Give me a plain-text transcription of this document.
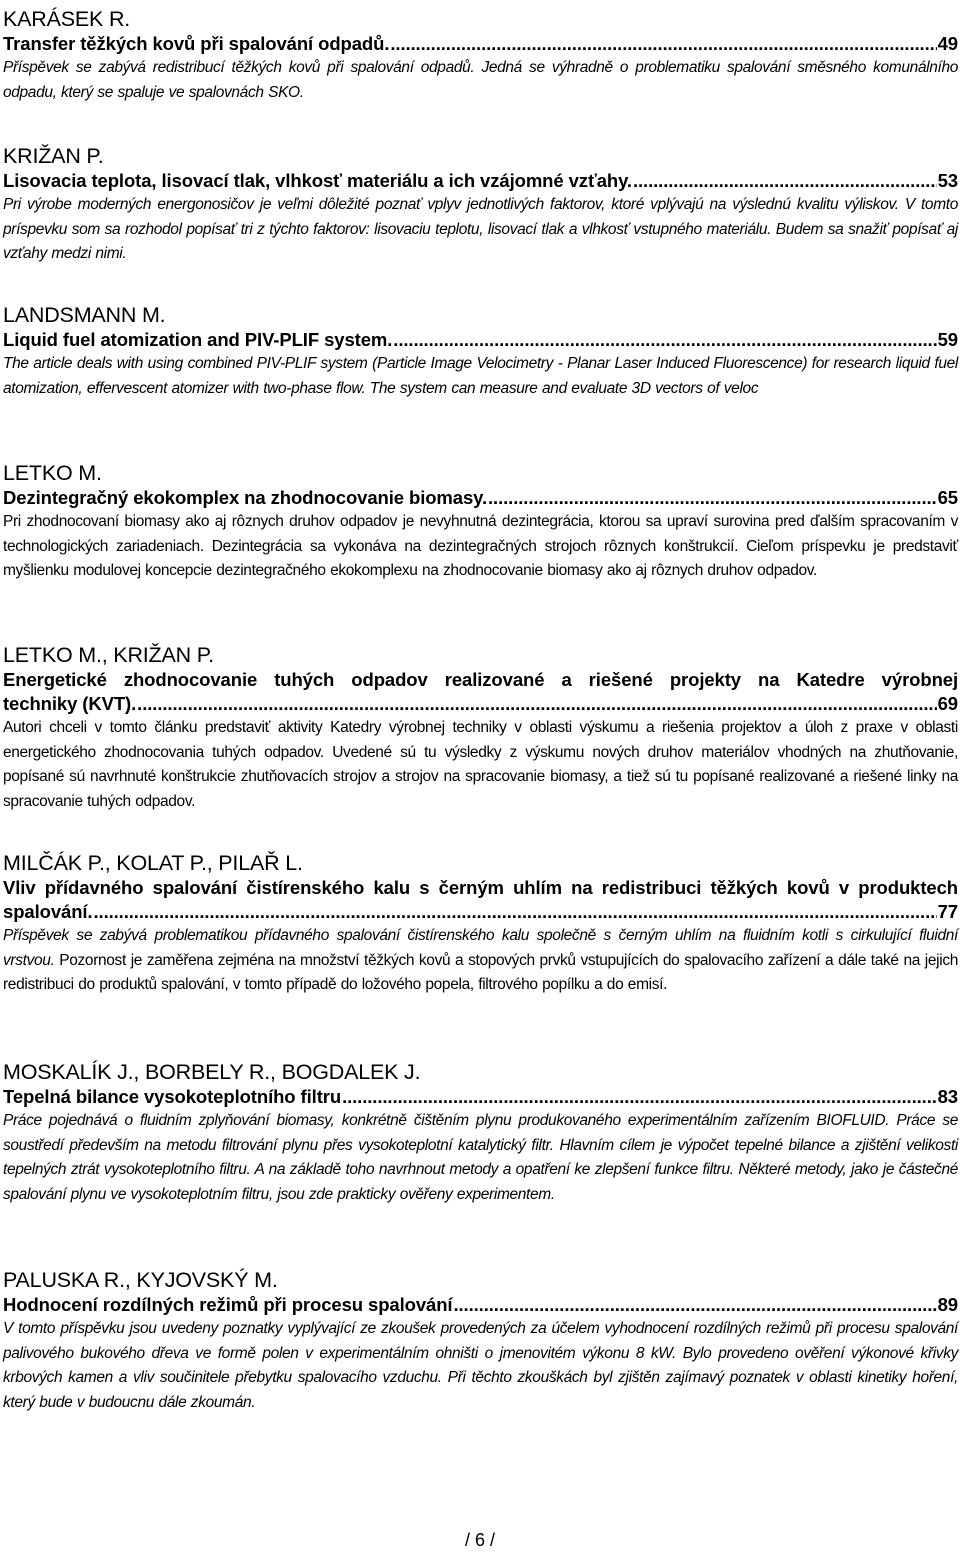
KARÁSEK R.

Transfer těžkých kovů při spalování odpadů. .....	49

Příspěvek se zabývá redistribucí těžkých kovů při spalování odpadů. Jedná se výhradně o problematiku spalování směsného komunálního odpadu, který se spaluje ve spalovnách SKO.

KRIŽAN P.

Lisovacia teplota, lisovací tlak, vlhkosť materiálu a ich vzájomné vzťahy. .....	53

Pri výrobe moderných energonosičov je veľmi dôležité poznať vplyv jednotlivých faktorov, ktoré vplývajú na výslednú kvalitu výliskov. V tomto príspevku som sa rozhodol popísať tri z týchto faktorov: lisovaciu teplotu, lisovací tlak a vlhkosť vstupného materiálu. Budem sa snažiť popísať aj vzťahy medzi nimi.

LANDSMANN M.

Liquid fuel atomization and PIV-PLIF system. .....	59

The article deals with using combined PIV-PLIF system (Particle Image Velocimetry - Planar Laser Induced Fluorescence) for research liquid fuel atomization, effervescent atomizer with two-phase flow. The system can measure and evaluate 3D vectors of veloc

LETKO M.

Dezintegračný ekokomplex na zhodnocovanie biomasy. .....	65

Pri zhodnocovaní biomasy ako aj rôznych druhov odpadov je nevyhnutná dezintegrácia, ktorou sa upraví surovina pred ďalším spracovaním v technologických zariadeniach. Dezintegrácia sa vykonáva na dezintegračných strojoch rôznych konštrukcií. Cieľom príspevku je predstaviť myšlienku modulovej koncepcie dezintegračného ekokomplexu na zhodnocovanie biomasy ako aj rôznych druhov odpadov.

LETKO M., KRIŽAN P.

Energetické zhodnocovanie tuhých odpadov realizované a riešené projekty na Katedre výrobnej
techniky (KVT). .....	69

Autori chceli v tomto článku predstaviť aktivity Katedry výrobnej techniky v oblasti výskumu a riešenia projektov a úloh z praxe v oblasti energetického zhodnocovania tuhých odpadov. Uvedené sú tu výsledky z výskumu nových druhov materiálov vhodných na zhutňovanie, popísané sú navrhnuté konštrukcie zhutňovacích strojov a strojov na spracovanie biomasy, a tiež sú tu popísané realizované a riešené linky na spracovanie tuhých odpadov.

MILČÁK P., KOLAT P., PILAŘ L.

Vliv přídavného spalování čistírenského kalu s černým uhlím na redistribuci těžkých kovů v produktech
spalování. .....	77

Příspěvek se zabývá problematikou přídavného spalování čistírenského kalu společně s černým uhlím na fluidním kotli s cirkulující fluidní vrstvou. Pozornost je zaměřena zejména na množství těžkých kovů a stopových prvků vstupujících do spalovacího zařízení a dále také na jejich redistribuci do produktů spalování, v tomto případě do ložového popela, filtrového popílku a do emisí.

MOSKALÍK J., BORBELY R., BOGDALEK J.

Tepelná bilance vysokoteplotního filtru .....	83

Práce pojednává o fluidním zplyňování biomasy, konkrétně čištěním plynu produkovaného experimentálním zařízením BIOFLUID. Práce se soustředí především na metodu filtrování plynu přes vysokoteplotní katalytický filtr. Hlavním cílem je výpočet tepelné bilance a zjištění velikosti tepelných ztrát vysokoteplotního filtru. A na základě toho navrhnout metody a opatření ke zlepšení funkce filtru. Některé metody, jako je částečné spalování plynu ve vysokoteplotním filtru, jsou zde prakticky ověřeny experimentem.

PALUSKA R., KYJOVSKÝ M.

Hodnocení rozdílných režimů při procesu spalování .....	89

V tomto příspěvku jsou uvedeny poznatky vyplývající ze zkoušek provedených za účelem vyhodnocení rozdílných režimů při procesu spalování palivového bukového dřeva ve formě polen v experimentálním ohništi o jmenovitém výkonu 8 kW. Bylo provedeno ověření výkonové křivky krbových kamen a vliv součinitele přebytku spalovacího vzduchu. Při těchto zkouškách byl zjištěn zajímavý poznatek v oblasti kinetiky hoření, který bude v budoucnu dále zkoumán.

/ 6 /
